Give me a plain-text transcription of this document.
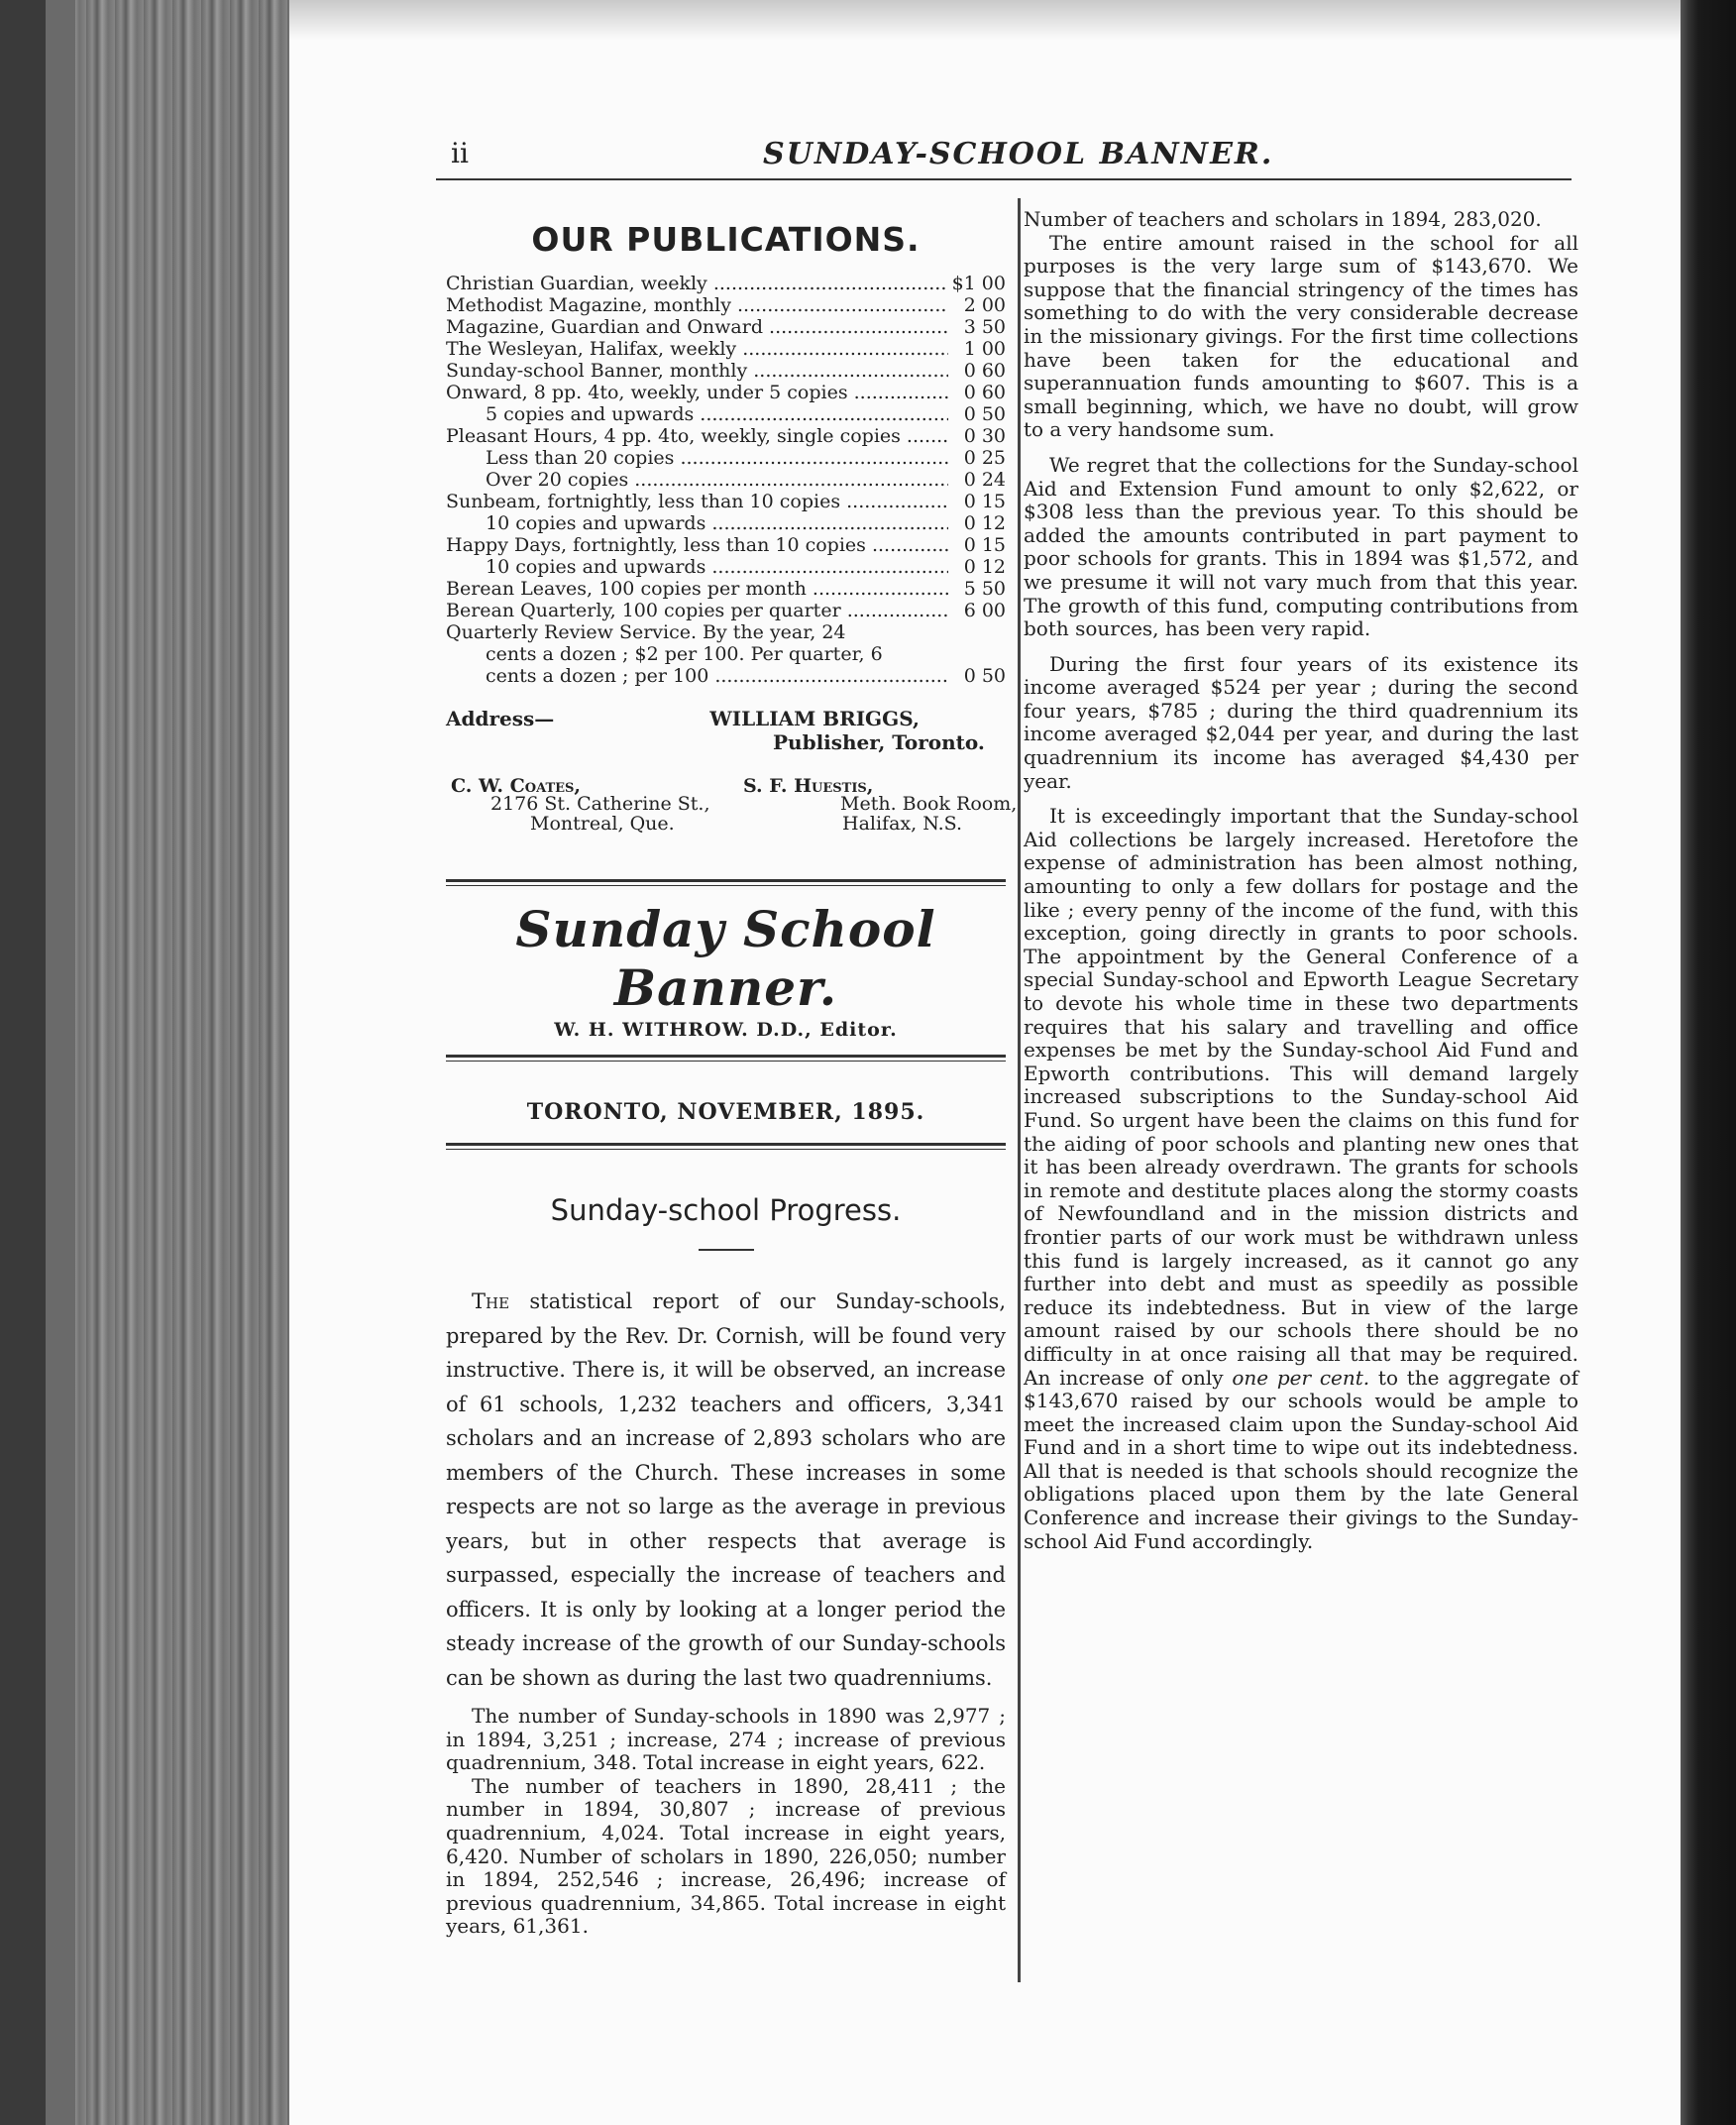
ii	SUNDAY-SCHOOL BANNER.
OUR PUBLICATIONS.
Christian Guardian, weekly .....	$1 00
Methodist Magazine, monthly .....	2 00
Magazine, Guardian and Onward .....	3 50
The Wesleyan, Halifax, weekly .....	1 00
Sunday-school Banner, monthly .....	0 60
Onward, 8 pp. 4to, weekly, under 5 copies .....	0 60
5 copies and upwards .....	0 50
Pleasant Hours, 4 pp. 4to, weekly, single copies .....	0 30
Less than 20 copies .....	0 25
Over 20 copies .....	0 24
Sunbeam, fortnightly, less than 10 copies .....	0 15
10 copies and upwards .....	0 12
Happy Days, fortnightly, less than 10 copies .....	0 15
10 copies and upwards .....	0 12
Berean Leaves, 100 copies per month .....	5 50
Berean Quarterly, 100 copies per quarter .....	6 00
Quarterly Review Service. By the year, 24
cents a dozen ; $2 per 100. Per quarter, 6
cents a dozen ; per 100 .....	0 50
Address—	WILLIAM BRIGGS,
Publisher, Toronto.
C. W. Coates,
2176 St. Catherine St.,
Montreal, Que.
S. F. Huestis,
Meth. Book Room,
Halifax, N.S.
Sunday School Banner.
W. H. WITHROW. D.D., Editor.
TORONTO, NOVEMBER, 1895.
Sunday-school Progress.

The statistical report of our Sunday-schools, prepared by the Rev. Dr. Cornish, will be found very instructive. There is, it will be observed, an increase of 61 schools, 1,232 teachers and officers, 3,341 scholars and an increase of 2,893 scholars who are members of the Church. These increases in some respects are not so large as the average in previous years, but in other respects that average is surpassed, especially the increase of teachers and officers. It is only by looking at a longer period the steady increase of the growth of our Sunday-schools can be shown as during the last two quadrenniums.

The number of Sunday-schools in 1890 was 2,977 ; in 1894, 3,251 ; increase, 274 ; increase of previous quadrennium, 348. Total increase in eight years, 622.

The number of teachers in 1890, 28,411 ; the number in 1894, 30,807 ; increase of previous quadrennium, 4,024. Total increase in eight years, 6,420. Number of scholars in 1890, 226,050; number in 1894, 252,546 ; increase, 26,496; increase of previous quadrennium, 34,865. Total increase in eight years, 61,361.

Number of teachers and scholars in 1894, 283,020.

The entire amount raised in the school for all purposes is the very large sum of $143,670. We suppose that the financial stringency of the times has something to do with the very considerable decrease in the missionary givings. For the first time collections have been taken for the educational and superannuation funds amounting to $607. This is a small beginning, which, we have no doubt, will grow to a very handsome sum.

We regret that the collections for the Sunday-school Aid and Extension Fund amount to only $2,622, or $308 less than the previous year. To this should be added the amounts contributed in part payment to poor schools for grants. This in 1894 was $1,572, and we presume it will not vary much from that this year. The growth of this fund, computing contributions from both sources, has been very rapid.

During the first four years of its existence its income averaged $524 per year ; during the second four years, $785 ; during the third quadrennium its income averaged $2,044 per year, and during the last quadrennium its income has averaged $4,430 per year.

It is exceedingly important that the Sunday-school Aid collections be largely increased. Heretofore the expense of administration has been almost nothing, amounting to only a few dollars for postage and the like ; every penny of the income of the fund, with this exception, going directly in grants to poor schools. The appointment by the General Conference of a special Sunday-school and Epworth League Secretary to devote his whole time in these two departments requires that his salary and travelling and office expenses be met by the Sunday-school Aid Fund and Epworth contributions. This will demand largely increased subscriptions to the Sunday-school Aid Fund. So urgent have been the claims on this fund for the aiding of poor schools and planting new ones that it has been already overdrawn. The grants for schools in remote and destitute places along the stormy coasts of Newfoundland and in the mission districts and frontier parts of our work must be withdrawn unless this fund is largely increased, as it cannot go any further into debt and must as speedily as possible reduce its indebtedness. But in view of the large amount raised by our schools there should be no difficulty in at once raising all that may be required. An increase of only one per cent. to the aggregate of $143,670 raised by our schools would be ample to meet the increased claim upon the Sunday-school Aid Fund and in a short time to wipe out its indebtedness. All that is needed is that schools should recognize the obligations placed upon them by the late General Conference and increase their givings to the Sunday-school Aid Fund accordingly.
